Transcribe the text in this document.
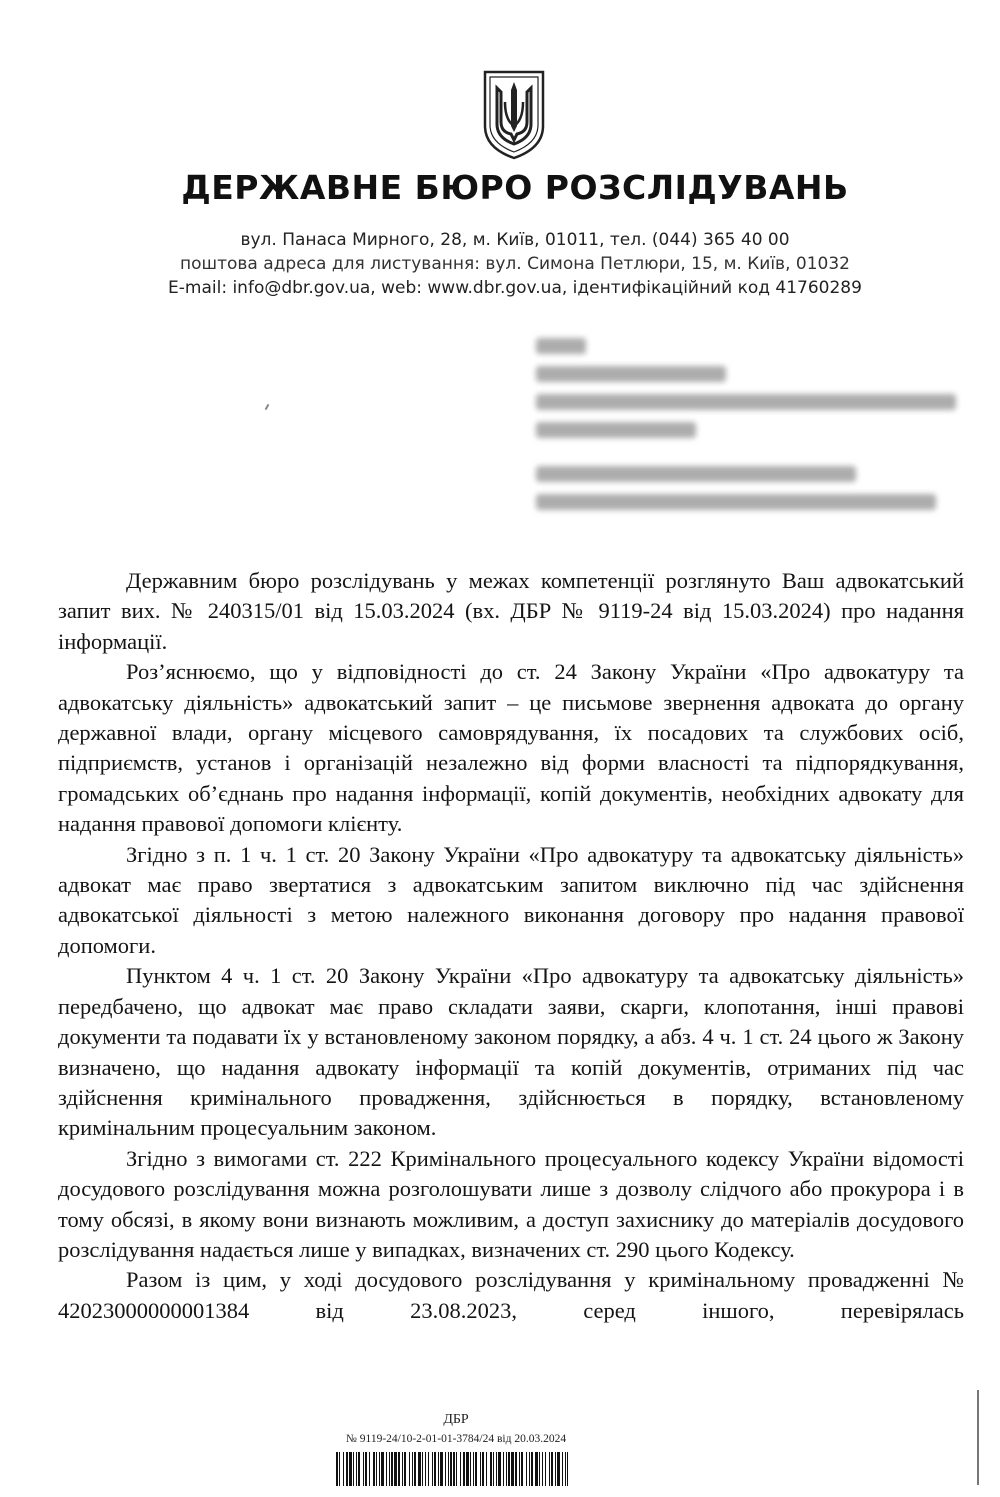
ДЕРЖАВНЕ БЮРО РОЗСЛІДУВАНЬ
вул. Панаса Мирного, 28, м. Київ, 01011, тел. (044) 365 40 00
поштова адреса для листування: вул. Симона Петлюри, 15, м. Київ, 01032
E-mail: info@dbr.gov.ua, web: www.dbr.gov.ua, ідентифікаційний код 41760289

Державним бюро розслідувань у межах компетенції розглянуто Ваш адвокатський запит вих. № 240315/01 від 15.03.2024 (вх. ДБР № 9119-24 від 15.03.2024) про надання інформації.

Роз’яснюємо, що у відповідності до ст. 24 Закону України «Про адвокатуру та адвокатську діяльність» адвокатський запит – це письмове звернення адвоката до органу державної влади, органу місцевого самоврядування, їх посадових та службових осіб, підприємств, установ і організацій незалежно від форми власності та підпорядкування, громадських об’єднань про надання інформації, копій документів, необхідних адвокату для надання правової допомоги клієнту.

Згідно з п. 1 ч. 1 ст. 20 Закону України «Про адвокатуру та адвокатську діяльність» адвокат має право звертатися з адвокатським запитом виключно під час здійснення адвокатської діяльності з метою належного виконання договору про надання правової допомоги.

Пунктом 4 ч. 1 ст. 20 Закону України «Про адвокатуру та адвокатську діяльність» передбачено, що адвокат має право складати заяви, скарги, клопотання, інші правові документи та подавати їх у встановленому законом порядку, а абз. 4 ч. 1 ст. 24 цього ж Закону визначено, що надання адвокату інформації та копій документів, отриманих під час здійснення кримінального провадження, здійснюється в порядку, встановленому кримінальним процесуальним законом.

Згідно з вимогами ст. 222 Кримінального процесуального кодексу України відомості досудового розслідування можна розголошувати лише з дозволу слідчого або прокурора і в тому обсязі, в якому вони визнають можливим, а доступ захиснику до матеріалів досудового розслідування надається лише у випадках, визначених ст. 290 цього Кодексу.

Разом із цим, у ході досудового розслідування у кримінальному провадженні № 42023000000001384 від 23.08.2023, серед іншого, перевірялась

ДБР
№ 9119-24/10-2-01-01-3784/24 від 20.03.2024
